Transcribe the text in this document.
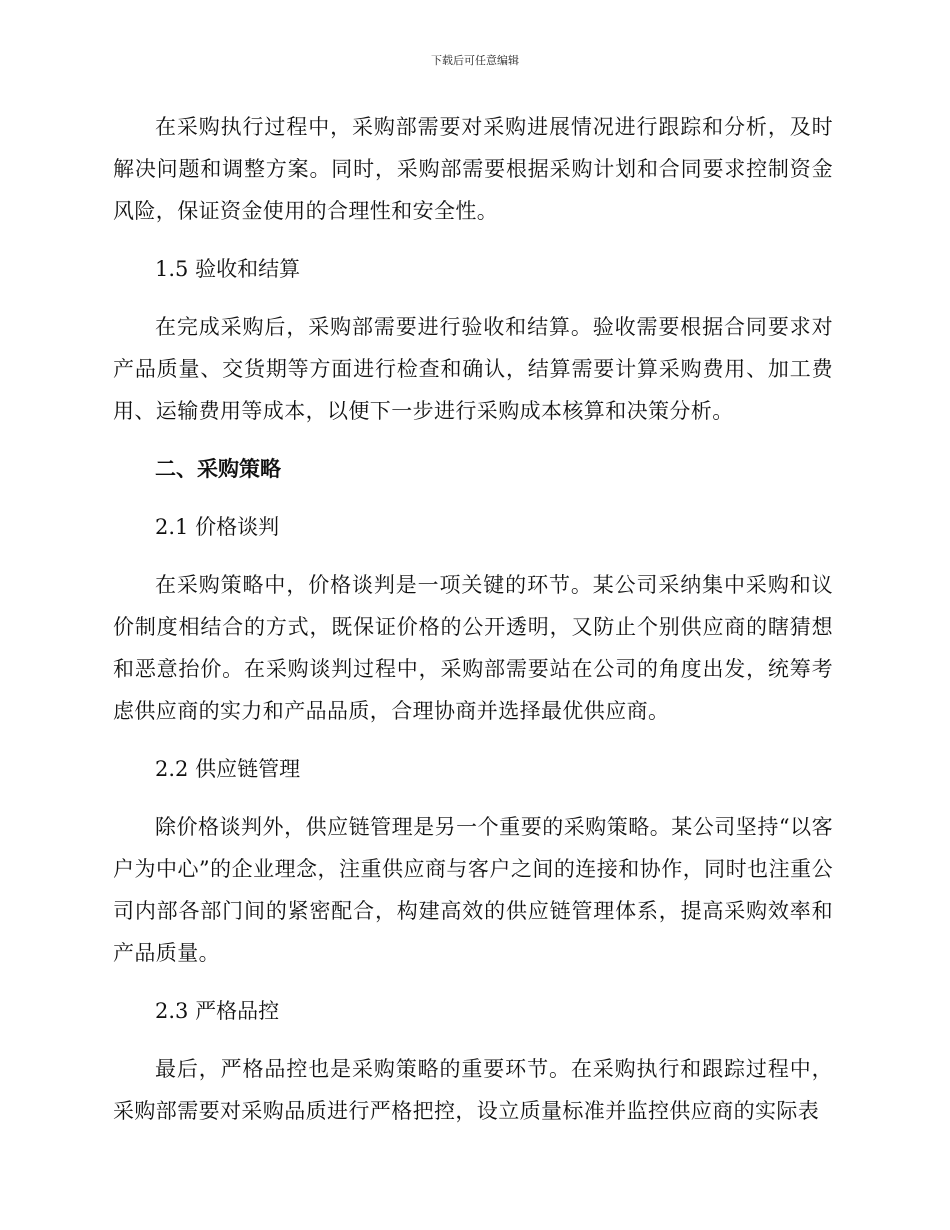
下载后可任意编辑

在采购执行过程中，采购部需要对采购进展情况进行跟踪和分析，及时解决问题和调整方案。同时，采购部需要根据采购计划和合同要求控制资金风险，保证资金使用的合理性和安全性。

1.5 验收和结算

在完成采购后，采购部需要进行验收和结算。验收需要根据合同要求对产品质量、交货期等方面进行检查和确认，结算需要计算采购费用、加工费用、运输费用等成本，以便下一步进行采购成本核算和决策分析。

二、采购策略

2.1 价格谈判

在采购策略中，价格谈判是一项关键的环节。某公司采纳集中采购和议价制度相结合的方式，既保证价格的公开透明，又防止个别供应商的瞎猜想和恶意抬价。在采购谈判过程中，采购部需要站在公司的角度出发，统筹考虑供应商的实力和产品品质，合理协商并选择最优供应商。

2.2 供应链管理

除价格谈判外，供应链管理是另一个重要的采购策略。某公司坚持“以客户为中心”的企业理念，注重供应商与客户之间的连接和协作，同时也注重公司内部各部门间的紧密配合，构建高效的供应链管理体系，提高采购效率和产品质量。

2.3 严格品控

最后，严格品控也是采购策略的重要环节。在采购执行和跟踪过程中，采购部需要对采购品质进行严格把控，设立质量标准并监控供应商的实际表
